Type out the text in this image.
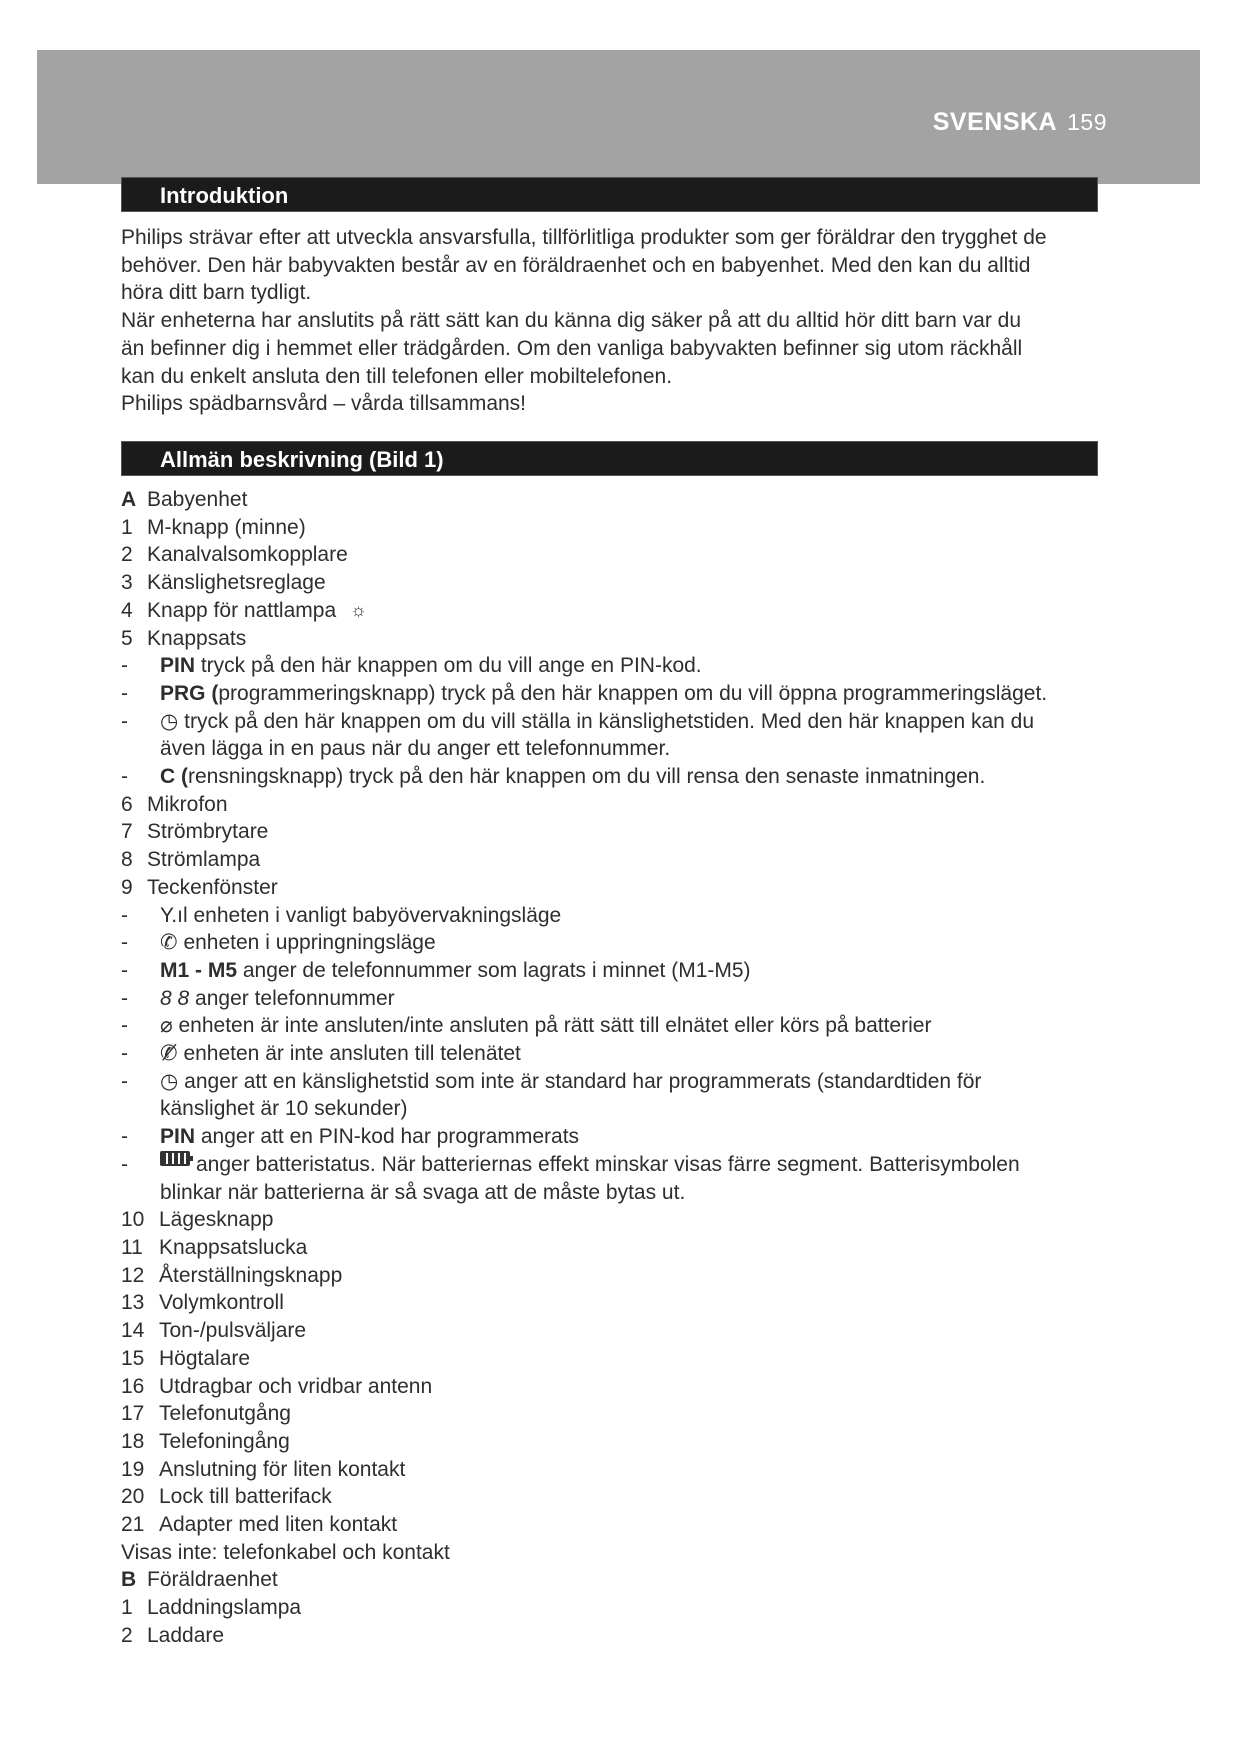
SVENSKA 159
Introduktion

Philips strävar efter att utveckla ansvarsfulla, tillförlitliga produkter som ger föräldrar den trygghet de

behöver. Den här babyvakten består av en föräldraenhet och en babyenhet. Med den kan du alltid

höra ditt barn tydligt.

När enheterna har anslutits på rätt sätt kan du känna dig säker på att du alltid hör ditt barn var du

än befinner dig i hemmet eller trädgården. Om den vanliga babyvakten befinner sig utom räckhåll

kan du enkelt ansluta den till telefonen eller mobiltelefonen.

Philips spädbarnsvård – vårda tillsammans!

Allmän beskrivning (Bild 1)
A Babyenhet
1 M-knapp (minne)
2 Kanalvalsomkopplare
3 Känslighetsreglage
4 Knapp för nattlampa ☼
5 Knappsats
-	PIN tryck på den här knappen om du vill ange en PIN-kod.
-	PRG ( programmeringsknapp) tryck på den här knappen om du vill öppna programmeringsläget.
-	◷ tryck på den här knappen om du vill ställa in känslighetstiden. Med den här knappen kan du
även lägga in en paus när du anger ett telefonnummer.
-	C ( rensningsknapp) tryck på den här knappen om du vill rensa den senaste inmatningen.
6 Mikrofon
7 Strömbrytare
8 Strömlampa
9 Teckenfönster
-	Y.ıl enheten i vanligt babyövervakningsläge
-	✆ enheten i uppringningsläge
-	M1 - M5 anger de telefonnummer som lagrats i minnet (M1-M5)
-	8 8 anger telefonnummer
-	⌀ enheten är inte ansluten/inte ansluten på rätt sätt till elnätet eller körs på batterier
-	✆̸ enheten är inte ansluten till telenätet
-	◷ anger att en känslighetstid som inte är standard har programmerats (standardtiden för
känslighet är 10 sekunder)
-	PIN anger att en PIN-kod har programmerats
-	anger batteristatus. När batteriernas effekt minskar visas färre segment. Batterisymbolen
blinkar när batterierna är så svaga att de måste bytas ut.
10 Lägesknapp
11 Knappsatslucka
12 Återställningsknapp
13 Volymkontroll
14 Ton-/pulsväljare
15 Högtalare
16 Utdragbar och vridbar antenn
17 Telefonutgång
18 Telefoningång
19 Anslutning för liten kontakt
20 Lock till batterifack
21 Adapter med liten kontakt
Visas inte: telefonkabel och kontakt
B Föräldraenhet
1 Laddningslampa
2 Laddare
